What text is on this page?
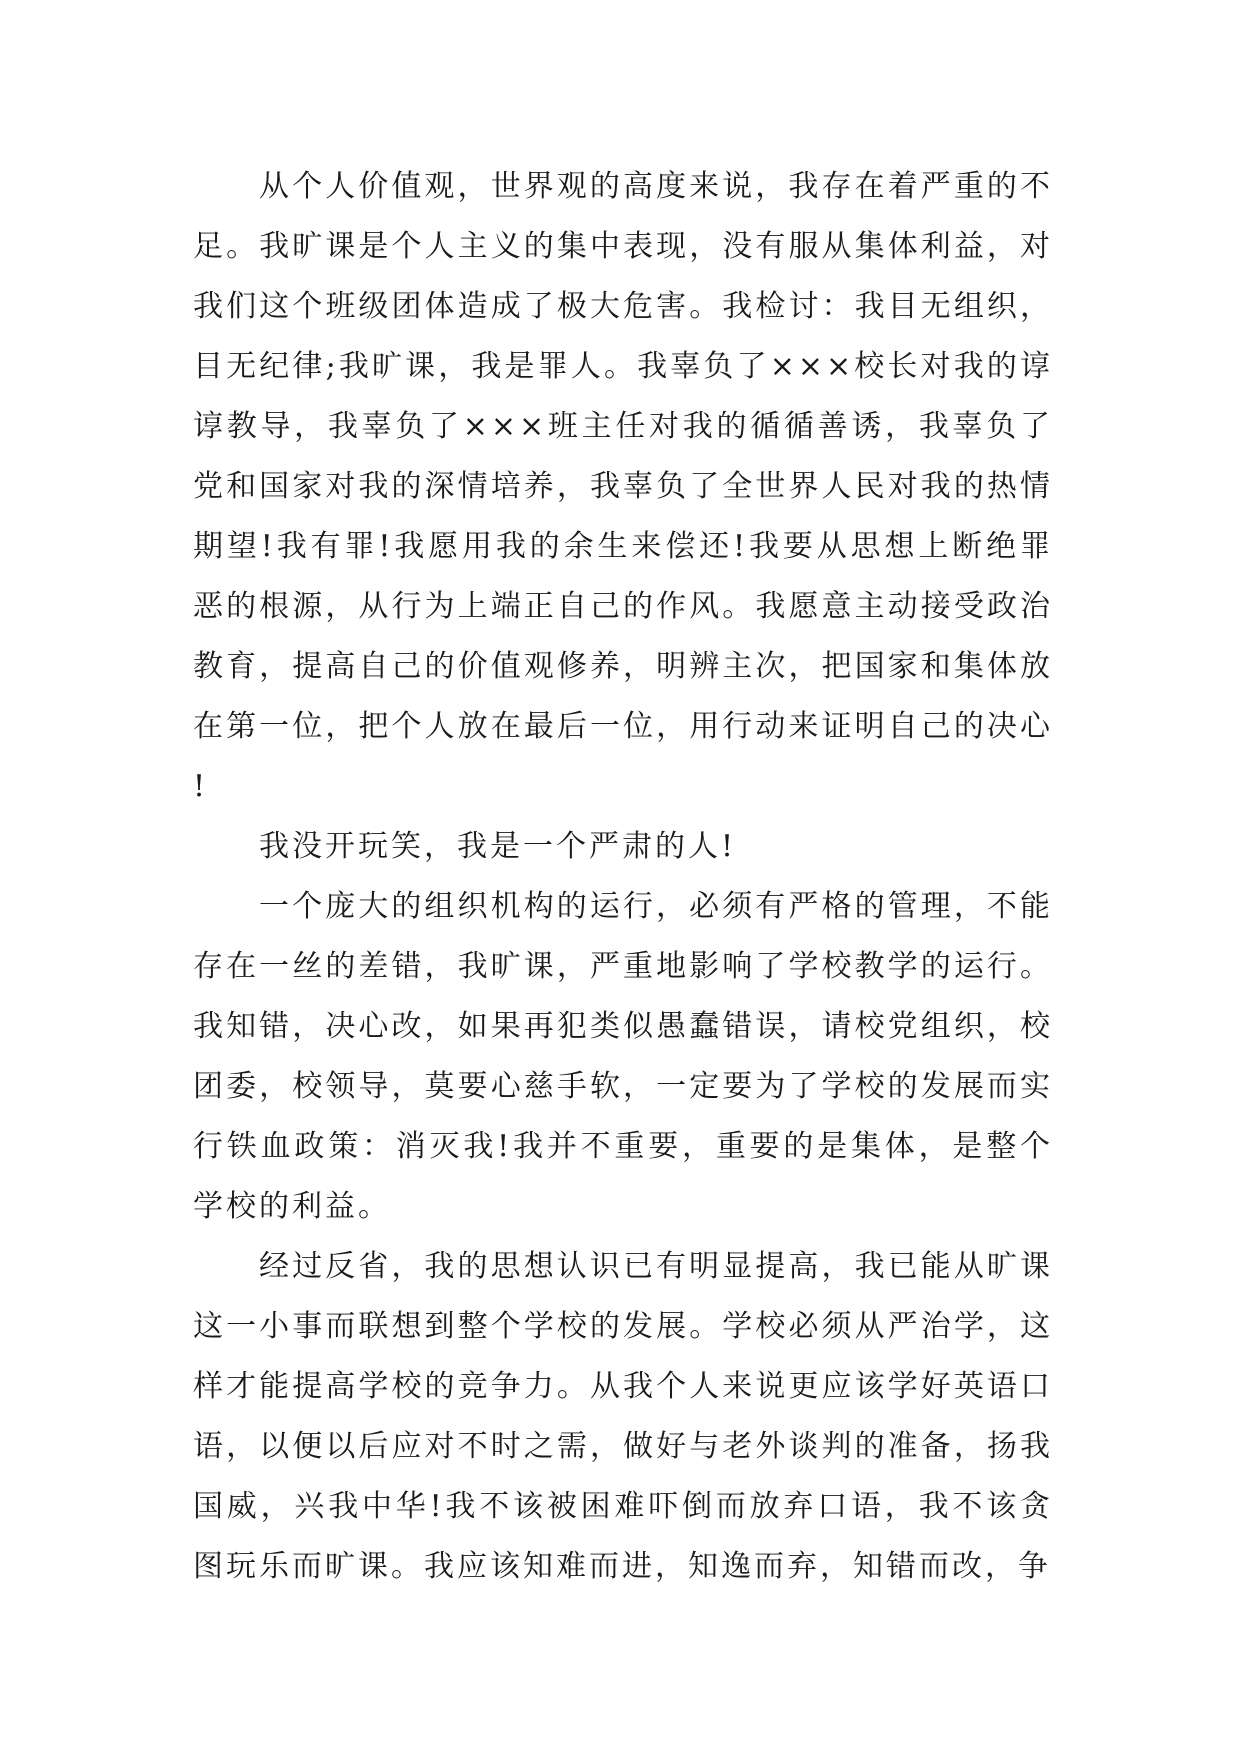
从个人价值观，世界观的高度来说，我存在着严重的不足。我旷课是个人主义的集中表现，没有服从集体利益，对我们这个班级团体造成了极大危害。我检讨：我目无组织，目无纪律;我旷课，我是罪人。我辜负了×××校长对我的谆谆教导，我辜负了×××班主任对我的循循善诱，我辜负了党和国家对我的深情培养，我辜负了全世界人民对我的热情期望!我有罪!我愿用我的余生来偿还!我要从思想上断绝罪恶的根源，从行为上端正自己的作风。我愿意主动接受政治教育，提高自己的价值观修养，明辨主次，把国家和集体放在第一位，把个人放在最后一位，用行动来证明自己的决心!

我没开玩笑，我是一个严肃的人!

一个庞大的组织机构的运行，必须有严格的管理，不能存在一丝的差错，我旷课，严重地影响了学校教学的运行。我知错，决心改，如果再犯类似愚蠢错误，请校党组织，校团委，校领导，莫要心慈手软，一定要为了学校的发展而实行铁血政策：消灭我!我并不重要，重要的是集体，是整个学校的利益。

经过反省，我的思想认识已有明显提高，我已能从旷课这一小事而联想到整个学校的发展。学校必须从严治学，这样才能提高学校的竞争力。从我个人来说更应该学好英语口语，以便以后应对不时之需，做好与老外谈判的准备，扬我国威，兴我中华!我不该被困难吓倒而放弃口语，我不该贪图玩乐而旷课。我应该知难而进，知逸而弃，知错而改，争
